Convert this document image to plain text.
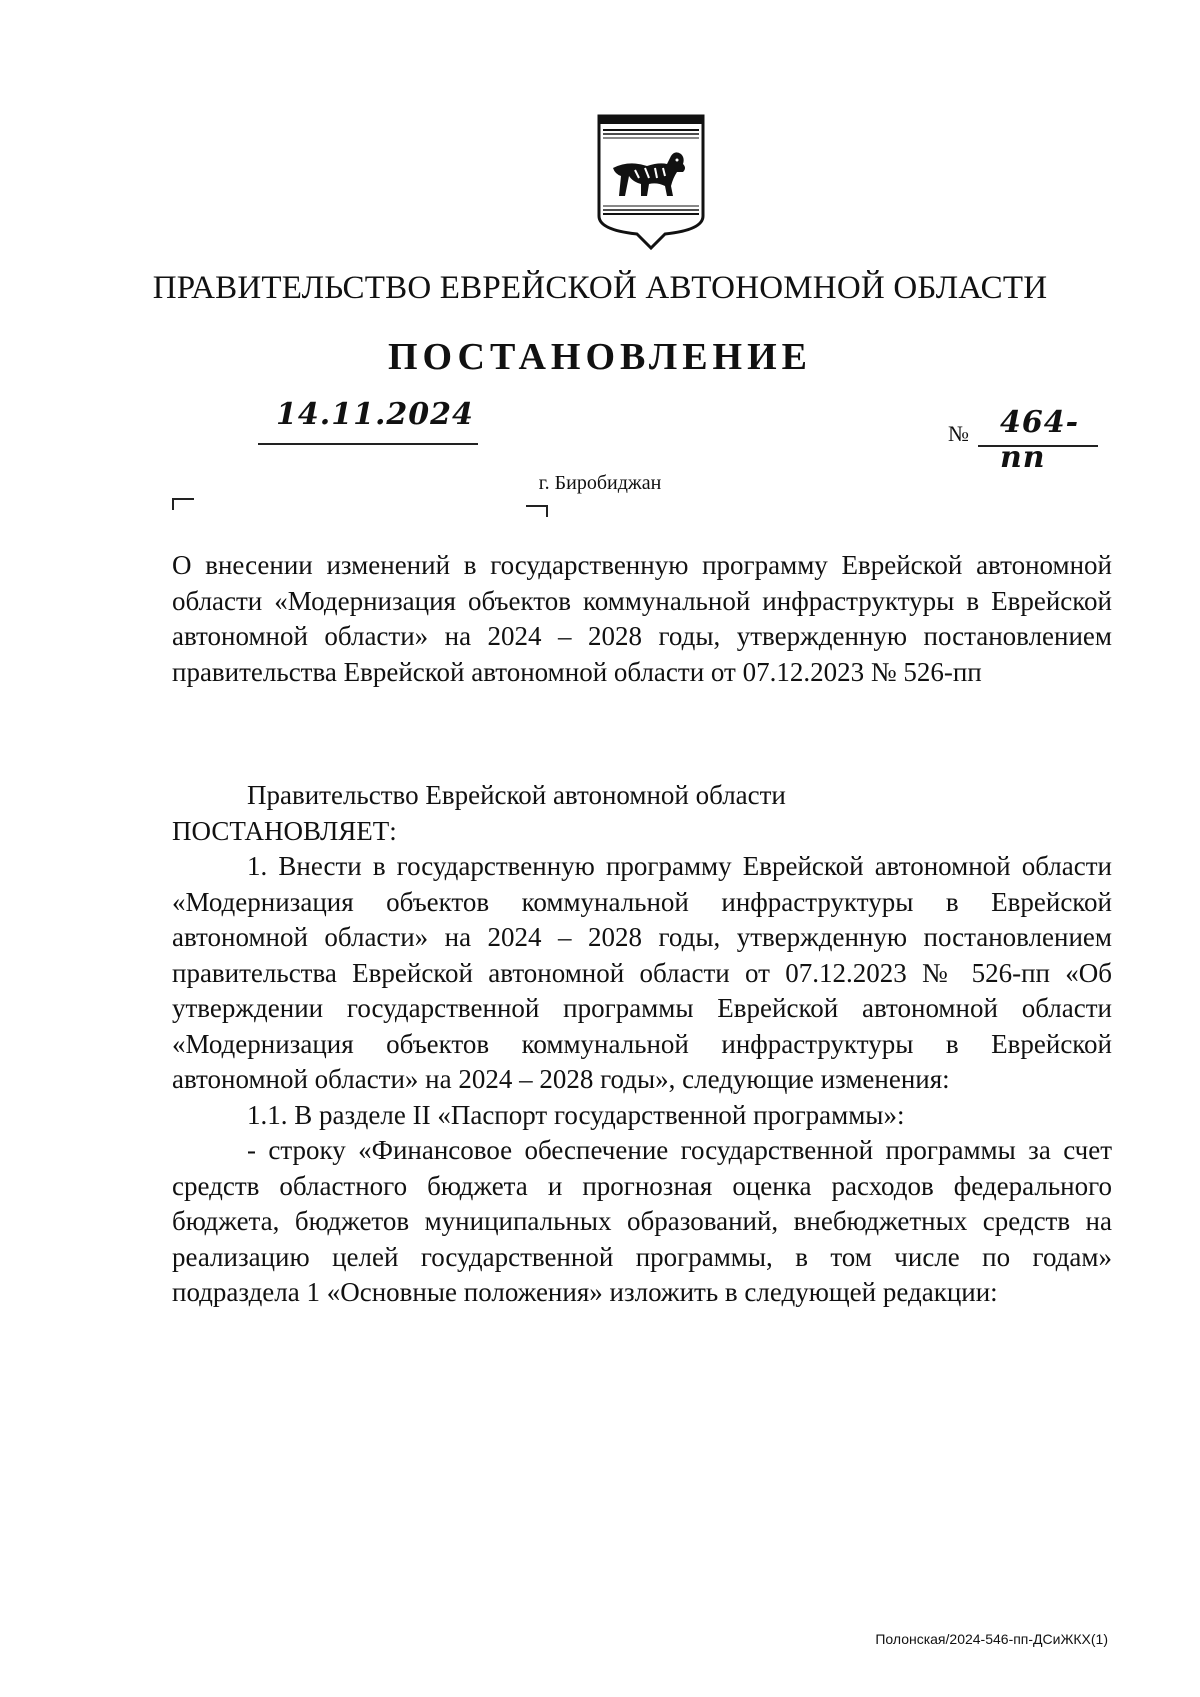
ПРАВИТЕЛЬСТВО ЕВРЕЙСКОЙ АВТОНОМНОЙ ОБЛАСТИ
ПОСТАНОВЛЕНИЕ
14.11.2024
№ 464-пп
г. Биробиджан
О внесении изменений в государственную программу Еврейской автономной области «Модернизация объектов коммунальной инфраструктуры в Еврейской автономной области» на 2024 – 2028 годы, утвержденную постановлением правительства Еврейской автономной области от 07.12.2023 № 526-пп

Правительство Еврейской автономной области

ПОСТАНОВЛЯЕТ:

1. Внести в государственную программу Еврейской автономной области «Модернизация объектов коммунальной инфраструктуры в Еврейской автономной области» на 2024 – 2028 годы, утвержденную постановлением правительства Еврейской автономной области от 07.12.2023 № 526-пп «Об утверждении государственной программы Еврейской автономной области «Модернизация объектов коммунальной инфраструктуры в Еврейской автономной области» на 2024 – 2028 годы», следующие изменения:

1.1. В разделе II «Паспорт государственной программы»:

- строку «Финансовое обеспечение государственной программы за счет средств областного бюджета и прогнозная оценка расходов федерального бюджета, бюджетов муниципальных образований, внебюджетных средств на реализацию целей государственной программы, в том числе по годам» подраздела 1 «Основные положения» изложить в следующей редакции:

Полонская/2024-546-пп-ДСиЖКХ(1)
